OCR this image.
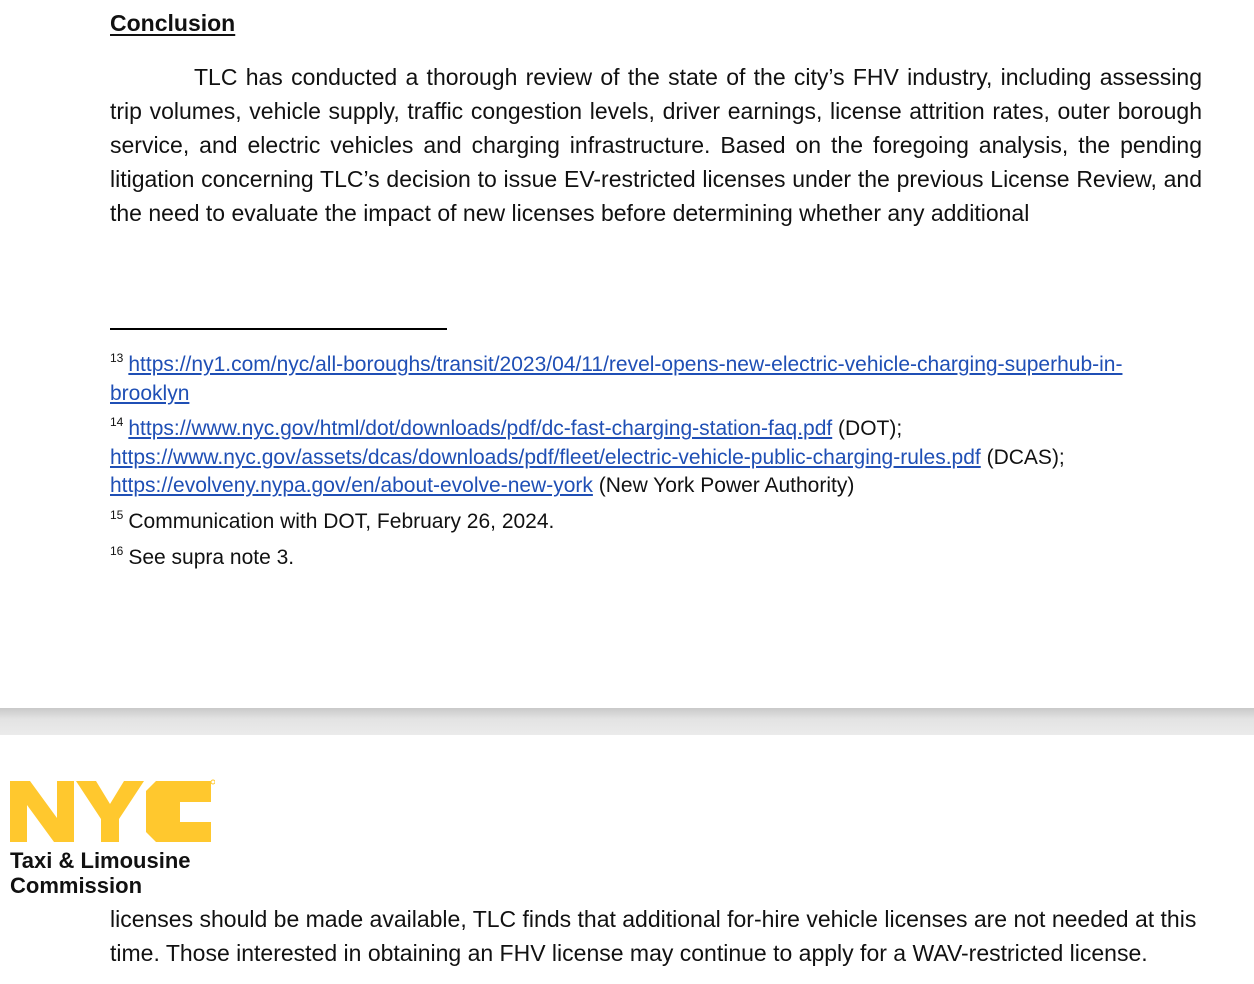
Conclusion

TLC has conducted a thorough review of the state of the city’s FHV industry, including assessing trip volumes, vehicle supply, traffic congestion levels, driver earnings, license attrition rates, outer borough service, and electric vehicles and charging infrastructure. Based on the foregoing analysis, the pending litigation concerning TLC’s decision to issue EV-restricted licenses under the previous License Review, and the need to evaluate the impact of new licenses before determining whether any additional

$^{13}$ https://ny1.com/nyc/all-boroughs/transit/2023/04/11/revel-opens-new-electric-vehicle-charging-superhub-in-
brooklyn
$^{14}$ https://www.nyc.gov/html/dot/downloads/pdf/dc-fast-charging-station-faq.pdf (DOT);
https://www.nyc.gov/assets/dcas/downloads/pdf/fleet/electric-vehicle-public-charging-rules.pdf (DCAS);
https://evolveny.nypa.gov/en/about-evolve-new-york (New York Power Authority)
$^{15}$ Communication with DOT, February 26, 2024.
$^{16}$ See supra note 3.
Taxi & Limousine
Commission
licenses should be made available, TLC finds that additional for-hire vehicle licenses are not needed at this
time. Those interested in obtaining an FHV license may continue to apply for a WAV-restricted license.
